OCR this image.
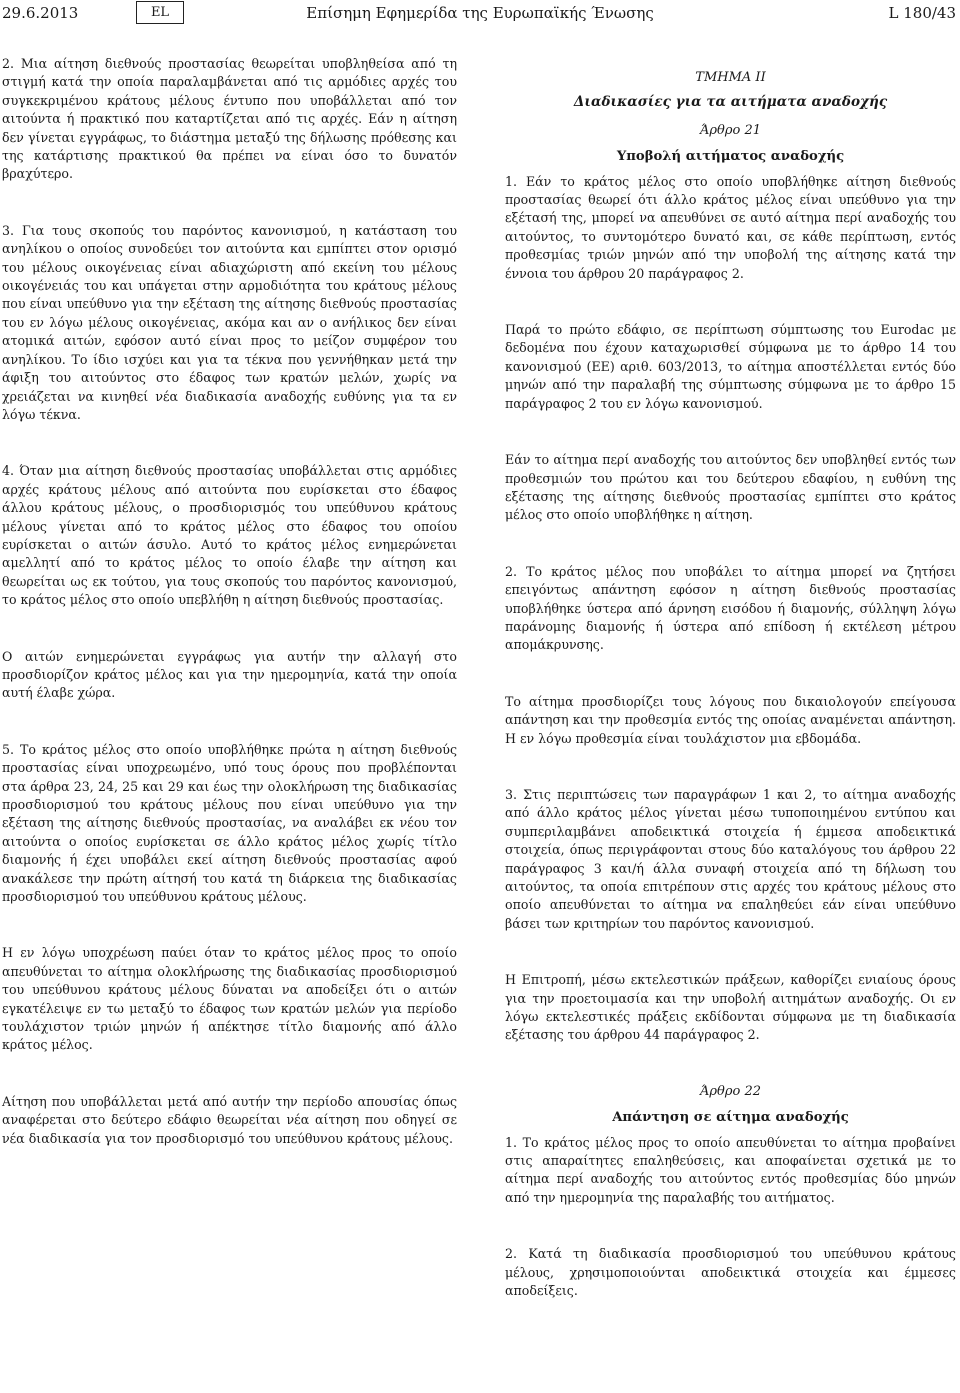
29.6.2013	EL	Επίσημη Εφημερίδα της Ευρωπαϊκής Ένωσης	L 180/43

2. Μια αίτηση διεθνούς προστασίας θεωρείται υποβληθείσα από τη στιγμή κατά την οποία παραλαμβάνεται από τις αρμόδιες αρχές του συγκεκριμένου κράτους μέλους έντυπο που υποβάλλεται από τον αιτούντα ή πρακτικό που καταρτίζεται από τις αρχές. Εάν η αίτηση δεν γίνεται εγγράφως, το διάστημα μεταξύ της δήλωσης πρόθεσης και της κατάρτισης πρακτικού θα πρέπει να είναι όσο το δυνατόν βραχύτερο.

3. Για τους σκοπούς του παρόντος κανονισμού, η κατάσταση του ανηλίκου ο οποίος συνοδεύει τον αιτούντα και εμπίπτει στον ορισμό του μέλους οικογένειας είναι αδιαχώριστη από εκείνη του μέλους οικογένειάς του και υπάγεται στην αρμοδιότητα του κράτους μέλους που είναι υπεύθυνο για την εξέταση της αίτησης διεθνούς προστασίας του εν λόγω μέλους οικογένειας, ακόμα και αν ο ανήλικος δεν είναι ατομικά αιτών, εφόσον αυτό είναι προς το μείζον συμφέρον του ανηλίκου. Το ίδιο ισχύει και για τα τέκνα που γεννήθηκαν μετά την άφιξη του αιτούντος στο έδαφος των κρατών μελών, χωρίς να χρειάζεται να κινηθεί νέα διαδικασία αναδοχής ευθύνης για τα εν λόγω τέκνα.

4. Όταν μια αίτηση διεθνούς προστασίας υποβάλλεται στις αρμόδιες αρχές κράτους μέλους από αιτούντα που ευρίσκεται στο έδαφος άλλου κράτους μέλους, ο προσδιορισμός του υπεύθυνου κράτους μέλους γίνεται από το κράτος μέλος στο έδαφος του οποίου ευρίσκεται ο αιτών άσυλο. Αυτό το κράτος μέλος ενημερώνεται αμελλητί από το κράτος μέλος το οποίο έλαβε την αίτηση και θεωρείται ως εκ τούτου, για τους σκοπούς του παρόντος κανονισμού, το κράτος μέλος στο οποίο υπεβλήθη η αίτηση διεθνούς προστασίας.

Ο αιτών ενημερώνεται εγγράφως για αυτήν την αλλαγή στο προσδιορίζον κράτος μέλος και για την ημερομηνία, κατά την οποία αυτή έλαβε χώρα.

5. Το κράτος μέλος στο οποίο υποβλήθηκε πρώτα η αίτηση διεθνούς προστασίας είναι υποχρεωμένο, υπό τους όρους που προβλέπονται στα άρθρα 23, 24, 25 και 29 και έως την ολοκλήρωση της διαδικασίας προσδιορισμού του κράτους μέλους που είναι υπεύθυνο για την εξέταση της αίτησης διεθνούς προστασίας, να αναλάβει εκ νέου τον αιτούντα ο οποίος ευρίσκεται σε άλλο κράτος μέλος χωρίς τίτλο διαμονής ή έχει υποβάλει εκεί αίτηση διεθνούς προστασίας αφού ανακάλεσε την πρώτη αίτησή του κατά τη διάρκεια της διαδικασίας προσδιορισμού του υπεύθυνου κράτους μέλους.

Η εν λόγω υποχρέωση παύει όταν το κράτος μέλος προς το οποίο απευθύνεται το αίτημα ολοκλήρωσης της διαδικασίας προσδιορισμού του υπεύθυνου κράτους μέλους δύναται να αποδείξει ότι ο αιτών εγκατέλειψε εν τω μεταξύ το έδαφος των κρατών μελών για περίοδο τουλάχιστον τριών μηνών ή απέκτησε τίτλο διαμονής από άλλο κράτος μέλος.

Αίτηση που υποβάλλεται μετά από αυτήν την περίοδο απουσίας όπως αναφέρεται στο δεύτερο εδάφιο θεωρείται νέα αίτηση που οδηγεί σε νέα διαδικασία για τον προσδιορισμό του υπεύθυνου κράτους μέλους.

ΤΜΗΜΑ II
Διαδικασίες για τα αιτήματα αναδοχής
Άρθρο 21
Υποβολή αιτήματος αναδοχής

1. Εάν το κράτος μέλος στο οποίο υποβλήθηκε αίτηση διεθνούς προστασίας θεωρεί ότι άλλο κράτος μέλος είναι υπεύθυνο για την εξέτασή της, μπορεί να απευθύνει σε αυτό αίτημα περί αναδοχής του αιτούντος, το συντομότερο δυνατό και, σε κάθε περίπτωση, εντός προθεσμίας τριών μηνών από την υποβολή της αίτησης κατά την έννοια του άρθρου 20 παράγραφος 2.

Παρά το πρώτο εδάφιο, σε περίπτωση σύμπτωσης του Eurodac με δεδομένα που έχουν καταχωρισθεί σύμφωνα με το άρθρο 14 του κανονισμού (ΕΕ) αριθ. 603/2013, το αίτημα αποστέλλεται εντός δύο μηνών από την παραλαβή της σύμπτωσης σύμφωνα με το άρθρο 15 παράγραφος 2 του εν λόγω κανονισμού.

Εάν το αίτημα περί αναδοχής του αιτούντος δεν υποβληθεί εντός των προθεσμιών του πρώτου και του δεύτερου εδαφίου, η ευθύνη της εξέτασης της αίτησης διεθνούς προστασίας εμπίπτει στο κράτος μέλος στο οποίο υποβλήθηκε η αίτηση.

2. Το κράτος μέλος που υποβάλει το αίτημα μπορεί να ζητήσει επειγόντως απάντηση εφόσον η αίτηση διεθνούς προστασίας υποβλήθηκε ύστερα από άρνηση εισόδου ή διαμονής, σύλληψη λόγω παράνομης διαμονής ή ύστερα από επίδοση ή εκτέλεση μέτρου απομάκρυνσης.

Το αίτημα προσδιορίζει τους λόγους που δικαιολογούν επείγουσα απάντηση και την προθεσμία εντός της οποίας αναμένεται απάντηση. Η εν λόγω προθεσμία είναι τουλάχιστον μια εβδομάδα.

3. Στις περιπτώσεις των παραγράφων 1 και 2, το αίτημα αναδοχής από άλλο κράτος μέλος γίνεται μέσω τυποποιημένου εντύπου και συμπεριλαμβάνει αποδεικτικά στοιχεία ή έμμεσα αποδεικτικά στοιχεία, όπως περιγράφονται στους δύο καταλόγους του άρθρου 22 παράγραφος 3 και/ή άλλα συναφή στοιχεία από τη δήλωση του αιτούντος, τα οποία επιτρέπουν στις αρχές του κράτους μέλους στο οποίο απευθύνεται το αίτημα να επαληθεύει εάν είναι υπεύθυνο βάσει των κριτηρίων του παρόντος κανονισμού.

Η Επιτροπή, μέσω εκτελεστικών πράξεων, καθορίζει ενιαίους όρους για την προετοιμασία και την υποβολή αιτημάτων αναδοχής. Οι εν λόγω εκτελεστικές πράξεις εκδίδονται σύμφωνα με τη διαδικασία εξέτασης του άρθρου 44 παράγραφος 2.

Άρθρο 22
Απάντηση σε αίτημα αναδοχής

1. Το κράτος μέλος προς το οποίο απευθύνεται το αίτημα προβαίνει στις απαραίτητες επαληθεύσεις, και αποφαίνεται σχετικά με το αίτημα περί αναδοχής του αιτούντος εντός προθεσμίας δύο μηνών από την ημερομηνία της παραλαβής του αιτήματος.

2. Κατά τη διαδικασία προσδιορισμού του υπεύθυνου κράτους μέλους, χρησιμοποιούνται αποδεικτικά στοιχεία και έμμεσες αποδείξεις.
